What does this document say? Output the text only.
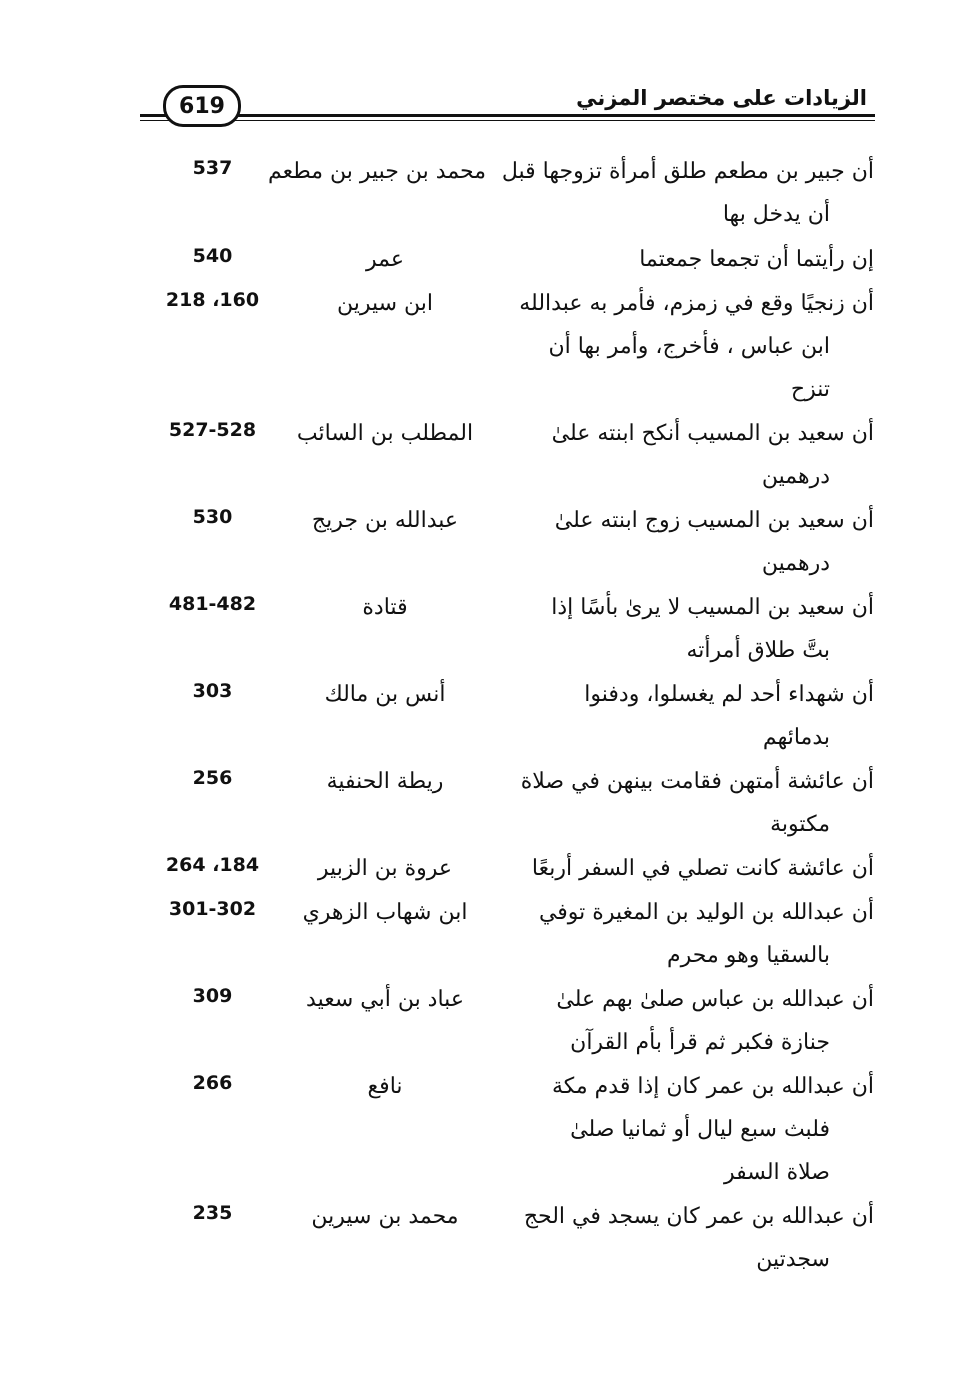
الزيادات على مختصر المزني
619
أن جبير بن مطعم طلق أمرأة تزوجها قبل
أن يدخل بها
محمد بن جبير بن مطعم
537
إن رأيتما أن تجمعا جمعتما
عمر
540
أن زنجيًا وقع في زمزم، فأمر به عبدالله
ابن عباس ، فأخرج، وأمر بها أن
تنزح
ابن سيرين
160، 218
أن سعيد بن المسيب أنكح ابنته علىٰ
درهمين
المطلب بن السائب
527-528
أن سعيد بن المسيب زوج ابنته علىٰ
درهمين
عبدالله بن جريج
530
أن سعيد بن المسيب لا يرىٰ بأسًا إذا
بتَّ طلاق أمرأته
قتادة
481-482
أن شهداء أحد لم يغسلوا، ودفنوا
بدمائهم
أنس بن مالك
303
أن عائشة أمتهن فقامت بينهن في صلاة
مكتوبة
ريطة الحنفية
256
أن عائشة كانت تصلي في السفر أربعًا
عروة بن الزبير
184، 264
أن عبدالله بن الوليد بن المغيرة توفي
بالسقيا وهو محرم
ابن شهاب الزهري
301-302
أن عبدالله بن عباس صلىٰ بهم علىٰ
جنازة فكبر ثم قرأ بأم القرآن
عباد بن أبي سعيد
309
أن عبدالله بن عمر كان إذا قدم مكة
فلبث سبع ليال أو ثمانيا صلىٰ
صلاة السفر
نافع
266
أن عبدالله بن عمر كان يسجد في الحج
سجدتين
محمد بن سيرين
235
